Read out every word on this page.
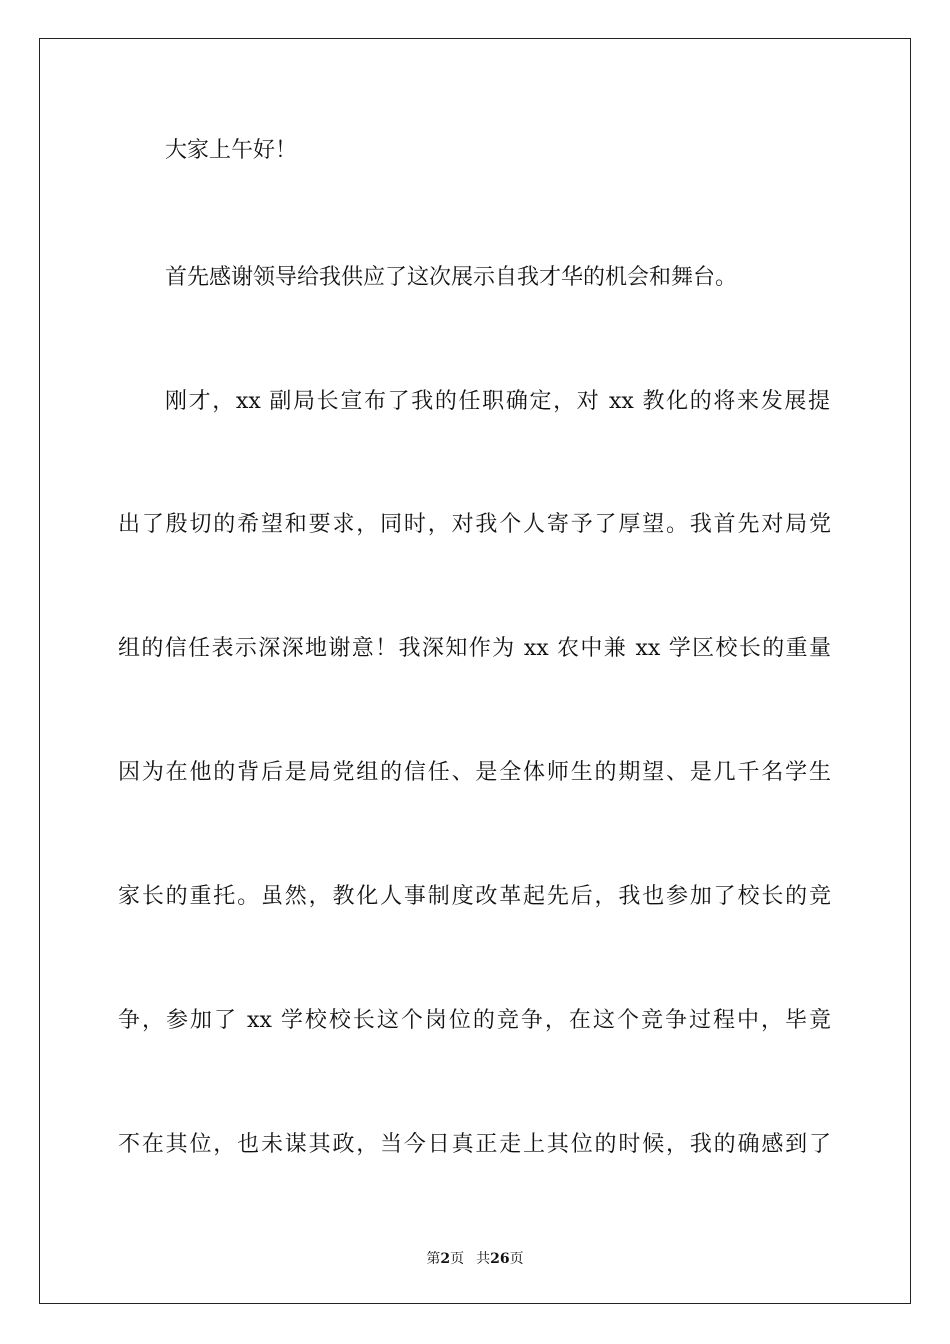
大家上午好！
首先感谢领导给我供应了这次展示自我才华的机会和舞台。
刚才，xx 副局长宣布了我的任职确定，对 xx 教化的将来发展提
出了殷切的希望和要求，同时，对我个人寄予了厚望。我首先对局党
组的信任表示深深地谢意！我深知作为 xx 农中兼 xx 学区校长的重量
因为在他的背后是局党组的信任、是全体师生的期望、是几千名学生
家长的重托。虽然，教化人事制度改革起先后，我也参加了校长的竞
争，参加了 xx 学校校长这个岗位的竞争，在这个竞争过程中，毕竟
不在其位，也未谋其政，当今日真正走上其位的时候，我的确感到了
第2页 共26页
